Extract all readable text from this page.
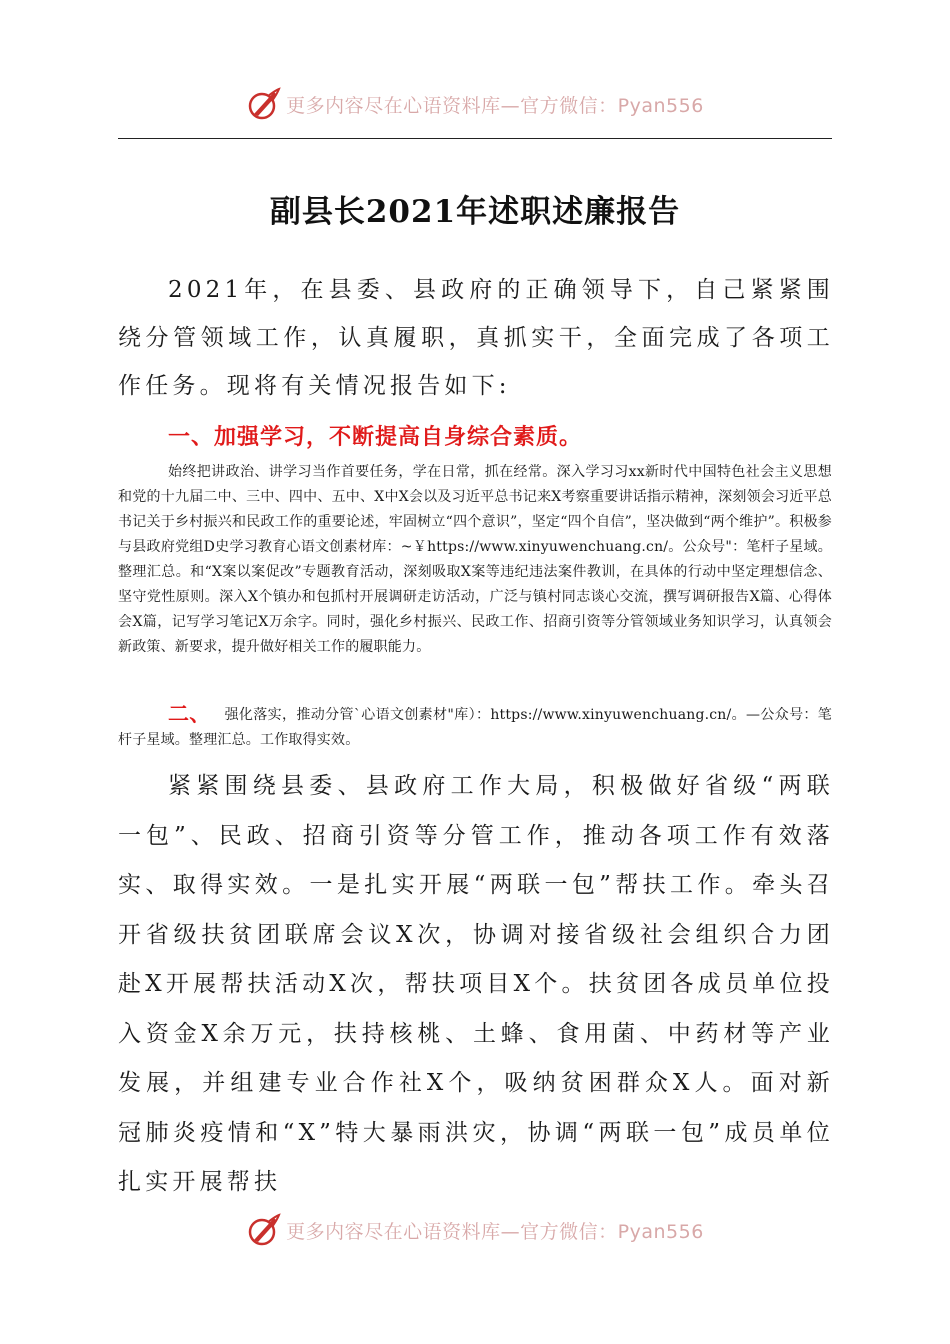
更多内容尽在心语资料库—官方微信：Pyan556
副县长2021年述职述廉报告

2021年，在县委、县政府的正确领导下，自己紧紧围绕分管领域工作，认真履职，真抓实干，全面完成了各项工作任务。现将有关情况报告如下:

一、加强学习，不断提高自身综合素质。

始终把讲政治、讲学习当作首要任务，学在日常，抓在经常。深入学习习xx新时代中国特色社会主义思想和党的十九届二中、三中、四中、五中、X中X会以及习近平总书记来X考察重要讲话指示精神，深刻领会习近平总书记关于乡村振兴和民政工作的重要论述，牢固树立“四个意识”，坚定“四个自信”，坚决做到“两个维护”。积极参与县政府党组D史学习教育心语文创素材库：~￥https://www.xinyuwenchuang.cn/。公众号"：笔杆子星域。整理汇总。和“X案以案促改”专题教育活动，深刻吸取X案等违纪违法案件教训，在具体的行动中坚定理想信念、坚守党性原则。深入X个镇办和包抓村开展调研走访活动，广泛与镇村同志谈心交流，撰写调研报告X篇、心得体会X篇，记写学习笔记X万余字。同时，强化乡村振兴、民政工作、招商引资等分管领域业务知识学习，认真领会新政策、新要求，提升做好相关工作的履职能力。

二、 强化落实，推动分管`心语文创素材"库）：https://www.xinyuwenchuang.cn/。—公众号：笔杆子星域。整理汇总。工作取得实效。

紧紧围绕县委、县政府工作大局，积极做好省级“两联一包”、民政、招商引资等分管工作，推动各项工作有效落实、取得实效。一是扎实开展“两联一包”帮扶工作。牵头召开省级扶贫团联席会议X次，协调对接省级社会组织合力团赴X开展帮扶活动X次，帮扶项目X个。扶贫团各成员单位投入资金X余万元，扶持核桃、土蜂、食用菌、中药材等产业发展，并组建专业合作社X个，吸纳贫困群众X人。面对新冠肺炎疫情和“X”特大暴雨洪灾，协调“两联一包”成员单位扎实开展帮扶

更多内容尽在心语资料库—官方微信：Pyan556
